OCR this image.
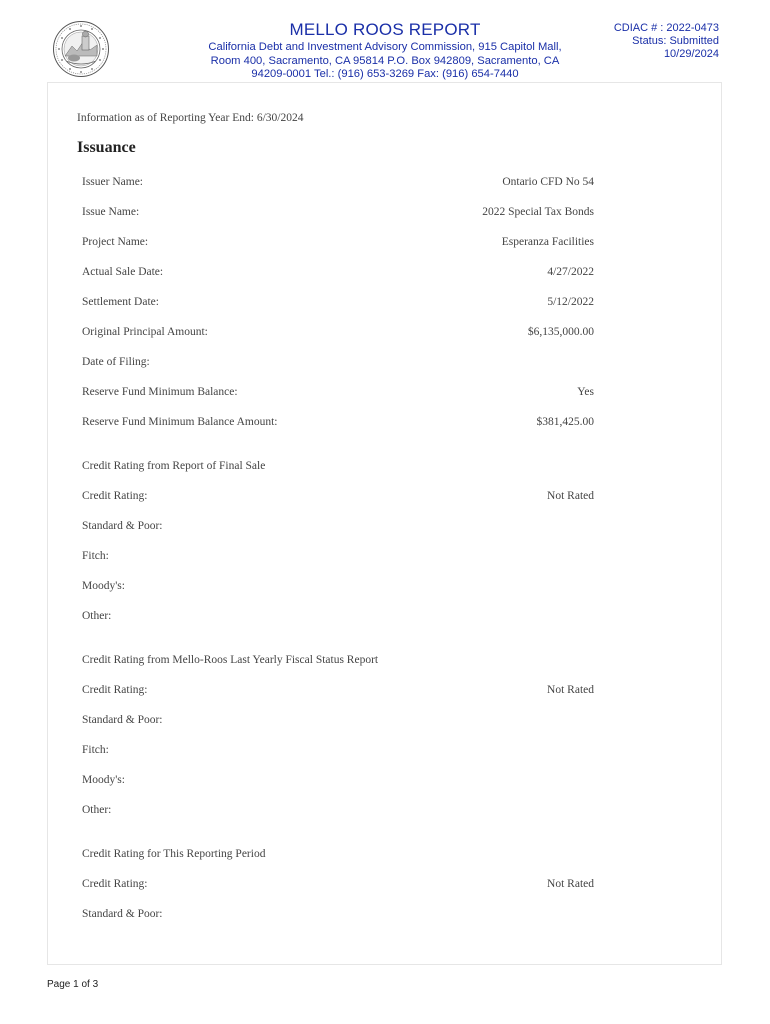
MELLO ROOS REPORT
California Debt and Investment Advisory Commission, 915 Capitol Mall,
Room 400, Sacramento, CA 95814 P.O. Box 942809, Sacramento, CA
94209-0001 Tel.: (916) 653-3269 Fax: (916) 654-7440
CDIAC # : 2022-0473
Status: Submitted
10/29/2024
Information as of Reporting Year End: 6/30/2024
Issuance
Issuer Name:	Ontario CFD No 54
Issue Name:	2022 Special Tax Bonds
Project Name:	Esperanza Facilities
Actual Sale Date:	4/27/2022
Settlement Date:	5/12/2022
Original Principal Amount:	$6,135,000.00
Date of Filing:
Reserve Fund Minimum Balance:	Yes
Reserve Fund Minimum Balance Amount:	$381,425.00
Credit Rating from Report of Final Sale
Credit Rating:	Not Rated
Standard & Poor:
Fitch:
Moody's:
Other:
Credit Rating from Mello-Roos Last Yearly Fiscal Status Report
Credit Rating:	Not Rated
Standard & Poor:
Fitch:
Moody's:
Other:
Credit Rating for This Reporting Period
Credit Rating:	Not Rated
Standard & Poor:
Page 1 of 3
